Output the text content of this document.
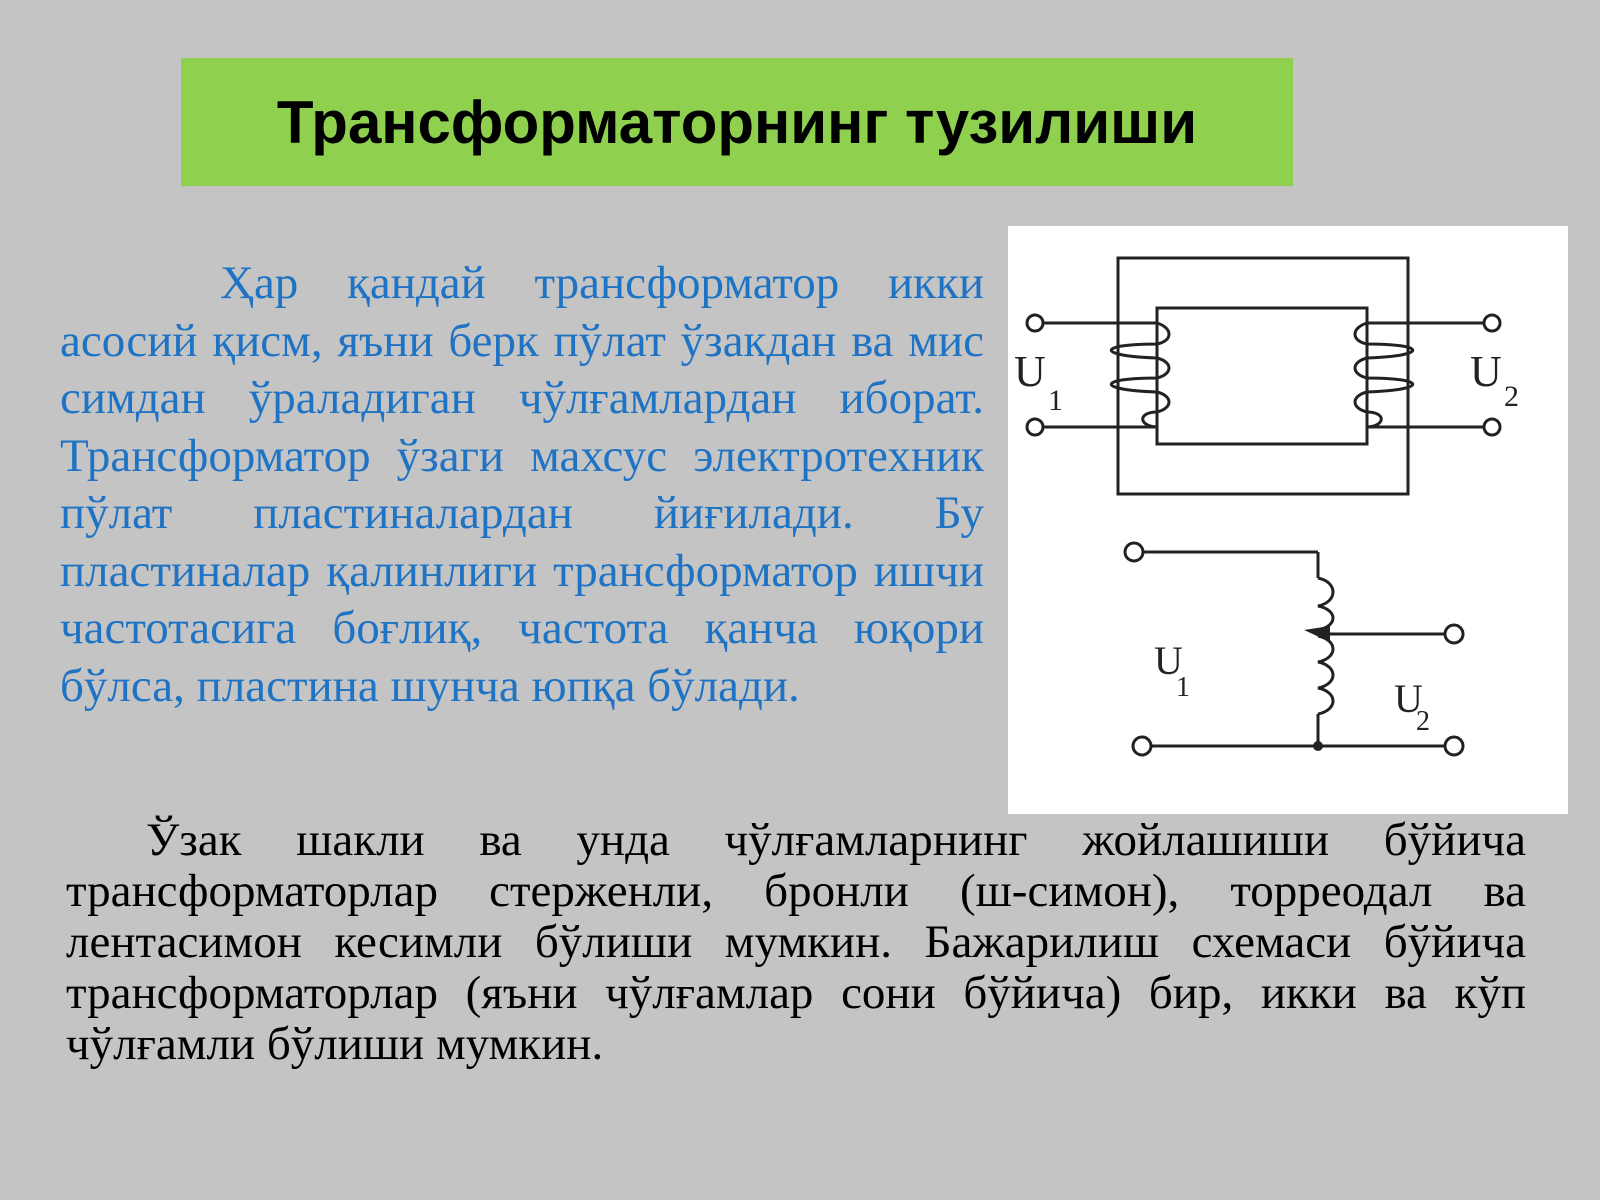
Трансформаторнинг тузилиши

Ҳар қандай трансформатор икки асосий қисм, яъни берк пўлат ўзакдан ва мис симдан ўраладиган чўлғамлардан иборат. Трансформатор ўзаги махсус электротехник пўлат пластиналардан йиғилади. Бу пластиналар қалинлиги трансформатор ишчи частотасига боғлиқ, частота қанча юқори бўлса, пластина шунча юпқа бўлади.

U
1
U
2
U
1	U
2

Ўзак шакли ва унда чўлғамларнинг жойлашиши бўйича трансформаторлар стерженли, бронли (ш-симон), торреодал ва лентасимон кесимли бўлиши мумкин. Бажарилиш схемаси бўйича трансформаторлар (яъни чўлғамлар сони бўйича) бир, икки ва кўп чўлғамли бўлиши мумкин.
